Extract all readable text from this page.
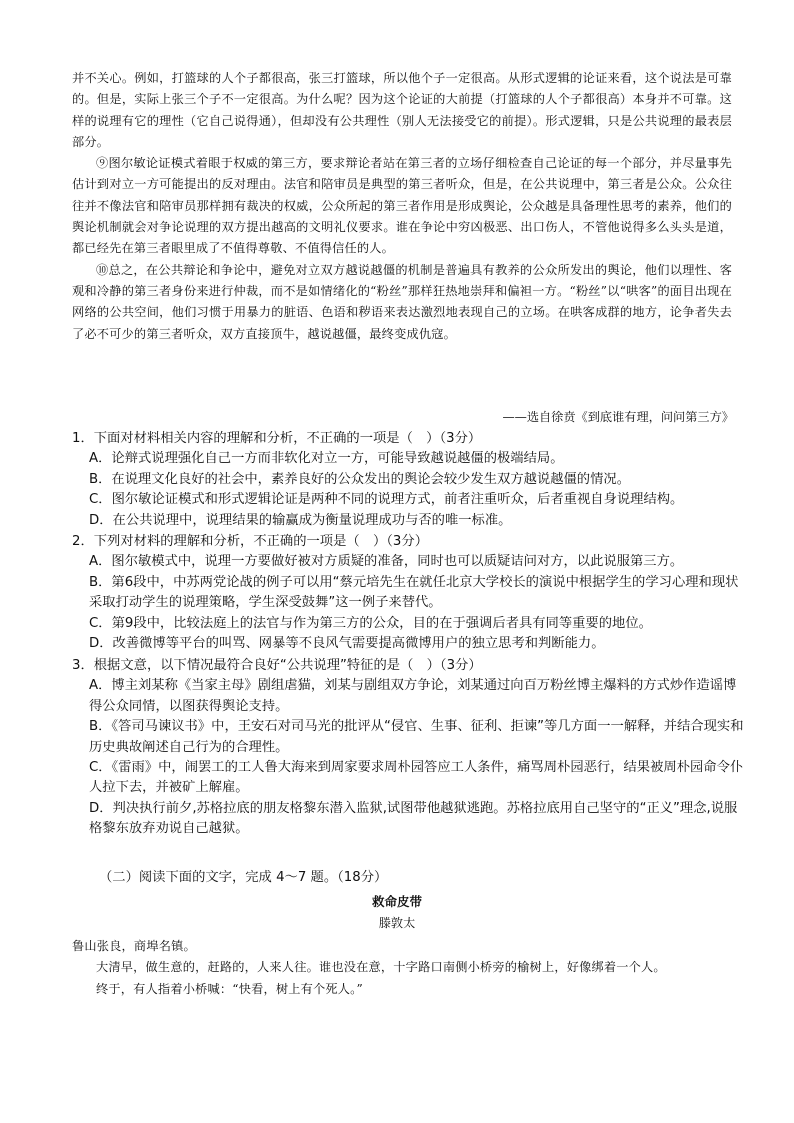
并不关心。例如，打篮球的人个子都很高，张三打篮球，所以他个子一定很高。从形式逻辑的论证来看，这个说法是可靠的。但是，实际上张三个子不一定很高。为什么呢？因为这个论证的大前提（打篮球的人个子都很高）本身并不可靠。这样的说理有它的理性（它自己说得通），但却没有公共理性（别人无法接受它的前提）。形式逻辑，只是公共说理的最表层部分。

⑨图尔敏论证模式着眼于权威的第三方，要求辩论者站在第三者的立场仔细检查自己论证的每一个部分，并尽量事先估计到对立一方可能提出的反对理由。法官和陪审员是典型的第三者听众，但是，在公共说理中，第三者是公众。公众往往并不像法官和陪审员那样拥有裁决的权威，公众所起的第三者作用是形成舆论，公众越是具备理性思考的素养，他们的舆论机制就会对争论说理的双方提出越高的文明礼仪要求。谁在争论中穷凶极恶、出口伤人，不管他说得多么头头是道，都已经先在第三者眼里成了不值得尊敬、不值得信任的人。

⑩总之，在公共辩论和争论中，避免对立双方越说越僵的机制是普遍具有教养的公众所发出的舆论，他们以理性、客观和冷静的第三者身份来进行仲裁，而不是如情绪化的“粉丝”那样狂热地崇拜和偏袒一方。“粉丝”以“哄客”的面目出现在网络的公共空间，他们习惯于用暴力的脏语、色语和秽语来表达激烈地表现自己的立场。在哄客成群的地方，论争者失去了必不可少的第三者听众，双方直接顶牛，越说越僵，最终变成仇寇。

——选自徐贲《到底谁有理，问问第三方》

1．下面对材料相关内容的理解和分析，不正确的一项是（　）（3分）

A．论辩式说理强化自己一方而非软化对立一方，可能导致越说越僵的极端结局。

B．在说理文化良好的社会中，素养良好的公众发出的舆论会较少发生双方越说越僵的情况。

C．图尔敏论证模式和形式逻辑论证是两种不同的说理方式，前者注重听众，后者重视自身说理结构。

D．在公共说理中，说理结果的输赢成为衡量说理成功与否的唯一标准。

2．下列对材料的理解和分析，不正确的一项是（　）（3分）

A．图尔敏模式中，说理一方要做好被对方质疑的准备，同时也可以质疑诘问对方，以此说服第三方。

B．第6段中，中苏两党论战的例子可以用“蔡元培先生在就任北京大学校长的演说中根据学生的学习心理和现状采取打动学生的说理策略，学生深受鼓舞”这一例子来替代。

C．第9段中，比较法庭上的法官与作为第三方的公众，目的在于强调后者具有同等重要的地位。

D．改善微博等平台的叫骂、网暴等不良风气需要提高微博用户的独立思考和判断能力。

3．根据文意，以下情况最符合良好“公共说理”特征的是（　）（3分）

A．博主刘某称《当家主母》剧组虐猫，刘某与剧组双方争论，刘某通过向百万粉丝博主爆料的方式炒作造谣博得公众同情，以图获得舆论支持。

B．《答司马谏议书》中，王安石对司马光的批评从“侵官、生事、征利、拒谏”等几方面一一解释，并结合现实和历史典故阐述自己行为的合理性。

C．《雷雨》中，闹罢工的工人鲁大海来到周家要求周朴园答应工人条件，痛骂周朴园恶行，结果被周朴园命令仆人拉下去，并被矿上解雇。

D．判决执行前夕,苏格拉底的朋友格黎东潜入监狱,试图带他越狱逃跑。苏格拉底用自己坚守的“正义”理念,说服格黎东放弃劝说自己越狱。

（二）阅读下面的文字，完成 4～7 题。（18分）
救命皮带
滕敦太

鲁山张良，商埠名镇。

大清早，做生意的，赶路的，人来人往。谁也没在意，十字路口南侧小桥旁的榆树上，好像绑着一个人。

终于，有人指着小桥喊：“快看，树上有个死人。”
